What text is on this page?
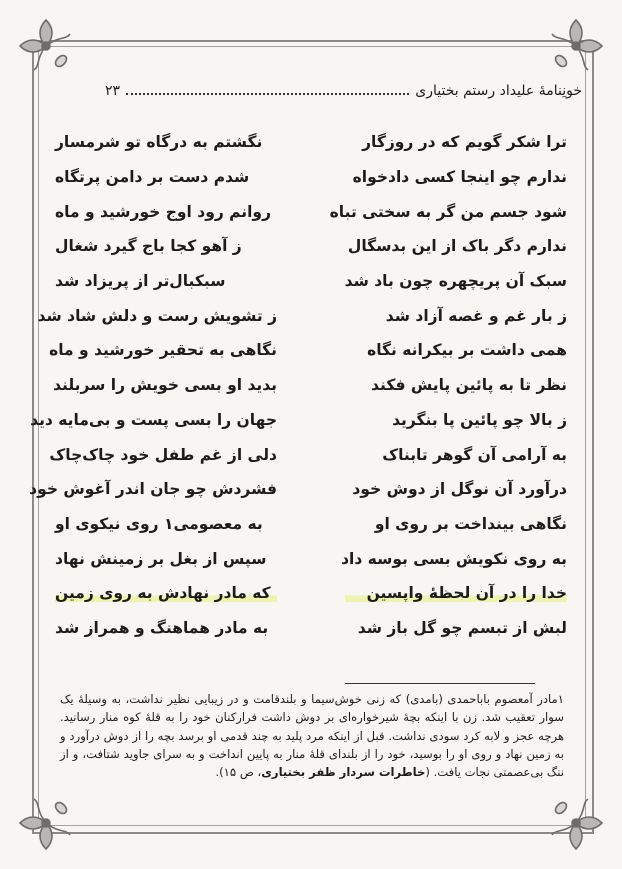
خونِنامهٔ علیداد رستم بختیاری
۲۳
ترا شکر گویم که در روزگار
نگشتم به درگاه تو شرمسار
ندارم چو اینجا کسی دادخواه
شدم دست بر دامن پرتگاه
شود جسم من گر به سختی تباه
روانم رود اوج خورشید و ماه
ندارم دگر باک از این بدسگال
ز آهو کجا باج گیرد شغال
سبک آن پریچهره چون باد شد
سبکبال‌تر از پریزاد شد
ز بار غم و غصه آزاد شد
ز تشویش رست و دلش شاد شد
همی داشت بر بیکرانه نگاه
نگاهی به تحقیر خورشید و ماه
نظر تا به پائین پایش فکند
بدید او بسی خویش را سربلند
ز بالا چو پائین پا بنگرید
جهان را بسی پست و بی‌مایه دید
به آرامی آن گوهر تابناک
دلی از غم طفل خود چاک‌چاک
درآورد آن نوگل از دوش خود
فشردش چو جان اندر آغوش خود
نگاهی بینداخت بر روی او
به معصومی۱ روی نیکوی او
به روی نکویش بسی بوسه داد
سپس از بغل بر زمینش نهاد
خدا را در آن لحظهٔ واپسین
که مادر نهادش به روی زمین
لبش از تبسم چو گل باز شد
به مادر هماهنگ و همراز شد
۱مادر آمعصوم باباحمدی (بامدی) که زنی خوش‌سیما و بلندقامت و در زیبایی نظیر نداشت، به وسیلهٔ یک سوار تعقیب شد. زن با اینکه بچهٔ شیرخواره‌ای بر دوش داشت فرارکنان خود را به قلهٔ کوه منار رسانید. هرچه عجز و لابه کرد سودی نداشت. قبل از اینکه مرد پلید به چند قدمی او برسد بچه را از دوش درآورد و به زمین نهاد و روی او را بوسید، خود را از بلندای قلهٔ منار به پایین انداخت و به سرای جاوید شتافت، و از ننگ بی‌عصمتی نجات یافت. (خاطرات سردار ظفر بختیاری، ص ۱۵).
